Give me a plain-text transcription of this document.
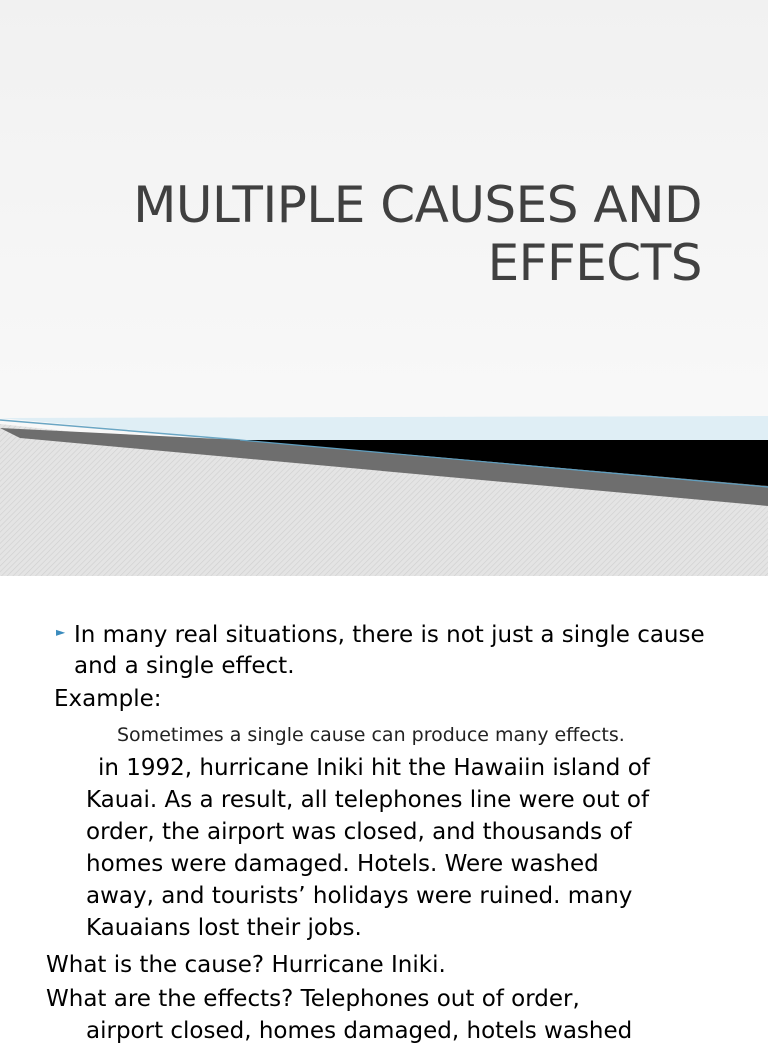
MULTIPLE CAUSES AND
EFFECTS
► In many real situations, there is not just a single cause and a single effect.
Example:
Sometimes a single cause can produce many effects.
in 1992, hurricane Iniki hit the Hawaiin island of
Kauai. As a result, all telephones line were out of
order, the airport was closed, and thousands of
homes were damaged. Hotels. Were washed
away, and tourists’ holidays were ruined. many
Kauaians lost their jobs.
What is the cause? Hurricane Iniki.
What are the effects? Telephones out of order,
airport closed, homes damaged, hotels washed
